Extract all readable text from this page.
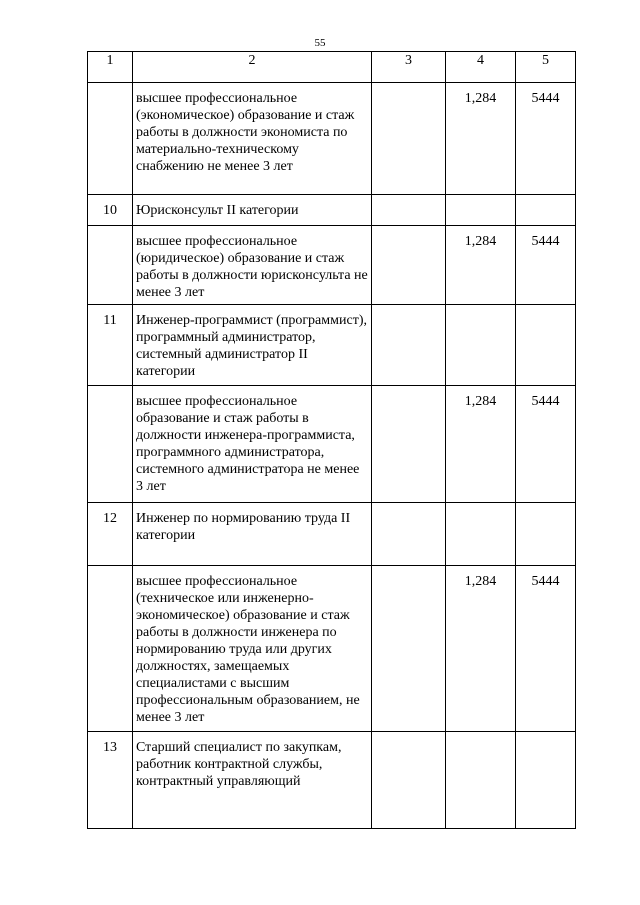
55
1	2	3	4	5
	высшее профессиональное (экономическое) образование и стаж работы в должности экономиста по материально-техническому снабжению не менее 3 лет		1,284	5444
10	Юрисконсульт II категории			
	высшее профессиональное (юридическое) образование и стаж работы в должности юрисконсульта не менее 3 лет		1,284	5444
11	Инженер-программист (программист), программный администратор, системный администратор II категории			
	высшее профессиональное образование и стаж работы в должности инженера-программиста, программного администратора, системного администратора не менее 3 лет		1,284	5444
12	Инженер по нормированию труда II категории			
	высшее профессиональное (техническое или инженерно-экономическое) образование и стаж работы в должности инженера по нормированию труда или других должностях, замещаемых специалистами с высшим профессиональным образованием, не менее 3 лет		1,284	5444
13	Старший специалист по закупкам, работник контрактной службы, контрактный управляющий			
